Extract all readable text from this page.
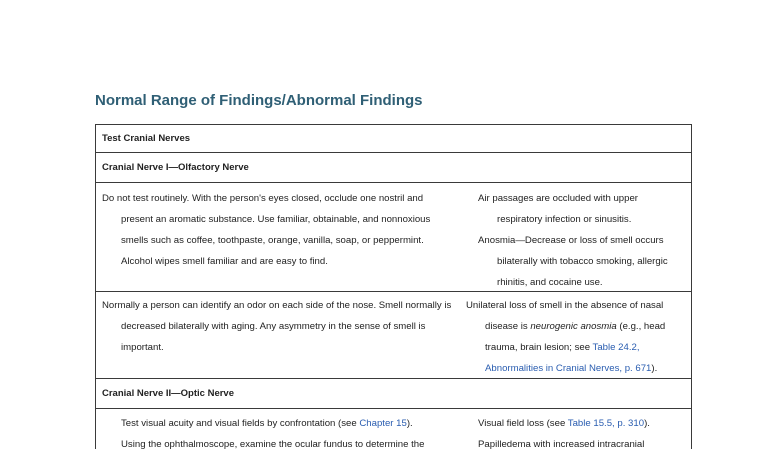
Normal Range of Findings/Abnormal Findings
Test Cranial Nerves
Cranial Nerve I—Olfactory Nerve

Do not test routinely. With the person's eyes closed, occlude one nostril and present an aromatic substance. Use familiar, obtainable, and nonnoxious smells such as coffee, toothpaste, orange, vanilla, soap, or peppermint. Alcohol wipes smell familiar and are easy to find.

Air passages are occluded with upper respiratory infection or sinusitis.

Anosmia—Decrease or loss of smell occurs bilaterally with tobacco smoking, allergic rhinitis, and cocaine use.

Normally a person can identify an odor on each side of the nose. Smell normally is decreased bilaterally with aging. Any asymmetry in the sense of smell is important.

Unilateral loss of smell in the absence of nasal disease is neurogenic anosmia (e.g., head trauma, brain lesion; see Table 24.2, Abnormalities in Cranial Nerves, p. 671).

Cranial Nerve II—Optic Nerve

Test visual acuity and visual fields by confrontation (see Chapter 15).

Using the ophthalmoscope, examine the ocular fundus to determine the

Visual field loss (see Table 15.5, p. 310).

Papilledema with increased intracranial
